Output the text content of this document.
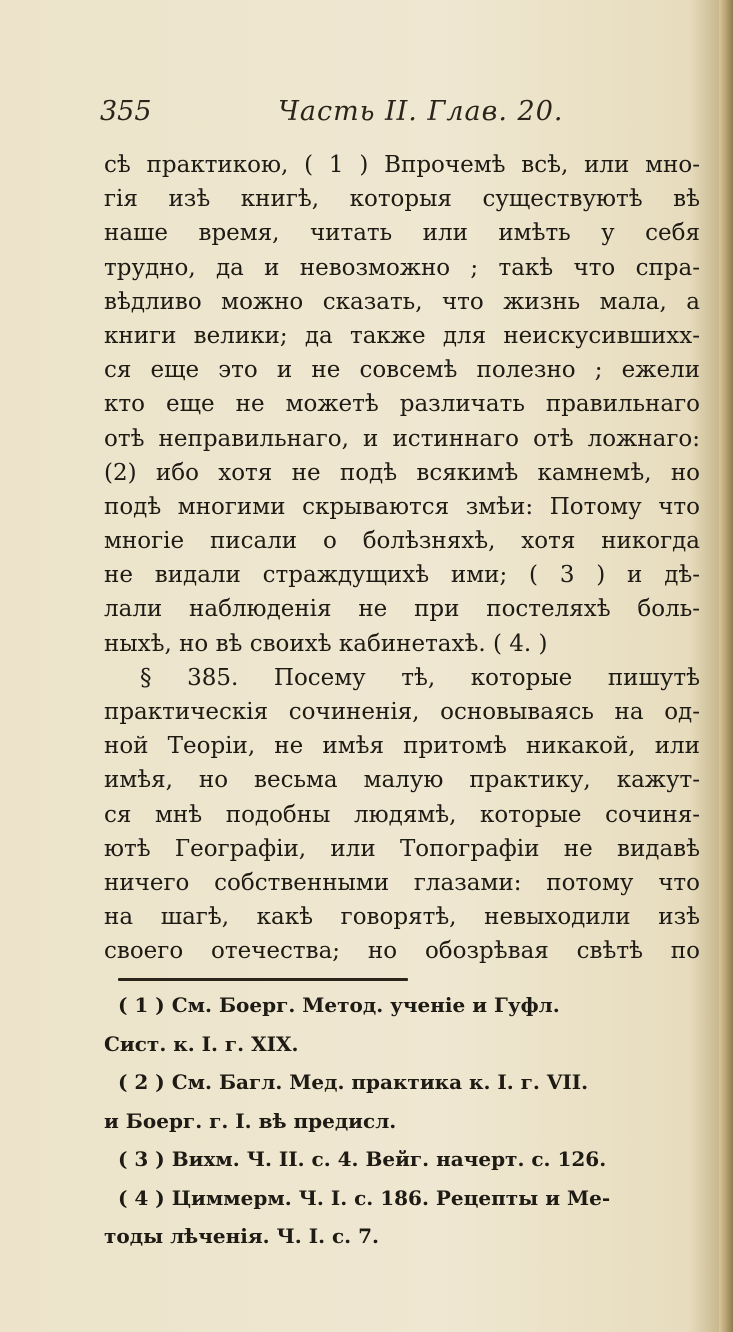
355	Часть II. Глав. 20.
сѣ практикою, ( 1 ) Впрочемѣ всѣ, или мно-
гія изѣ книгѣ, которыя существуютѣ вѣ
наше время, читать или имѣть у себя
трудно, да и невозможно ; такѣ что спра-
вѣдливо можно сказать, что жизнь мала, а
книги велики; да также для неискусившихх-
ся еще это и не совсемѣ полезно ; ежели
кто еще не можетѣ различать правильнаго
отѣ неправильнаго, и истиннаго отѣ ложнаго:
(2) ибо хотя не подѣ всякимѣ камнемѣ, но
подѣ многими скрываются змѣи: Потому что
многіе писали о болѣзняхѣ, хотя никогда
не видали страждущихѣ ими; ( 3 ) и дѣ-
лали наблюденія не при постеляхѣ боль-
ныхѣ, но вѣ своихѣ кабинетахѣ. ( 4. )
§ 385. Посему тѣ, которые пишутѣ
практическія сочиненія, основываясь на од-
ной Теоріи, не имѣя притомѣ никакой, или
имѣя, но весьма малую практику, кажут-
ся мнѣ подобны людямѣ, которые сочиня-
ютѣ Географіи, или Топографіи не видавѣ
ничего собственными глазами: потому что
на шагѣ, какѣ говорятѣ, невыходили изѣ
своего отечества; но обозрѣвая свѣтѣ по
( 1 ) См. Боерг. Метод. ученіе и Гуфл.
Сист. к. I. г. XIX.
( 2 ) См. Багл. Мед. практика к. I. г. VII.
и Боерг. г. I. вѣ предисл.
( 3 ) Вихм. Ч. II. с. 4. Вейг. начерт. с. 126.
( 4 ) Циммерм. Ч. I. с. 186. Рецепты и Ме-
тоды лѣченія. Ч. I. с. 7.
